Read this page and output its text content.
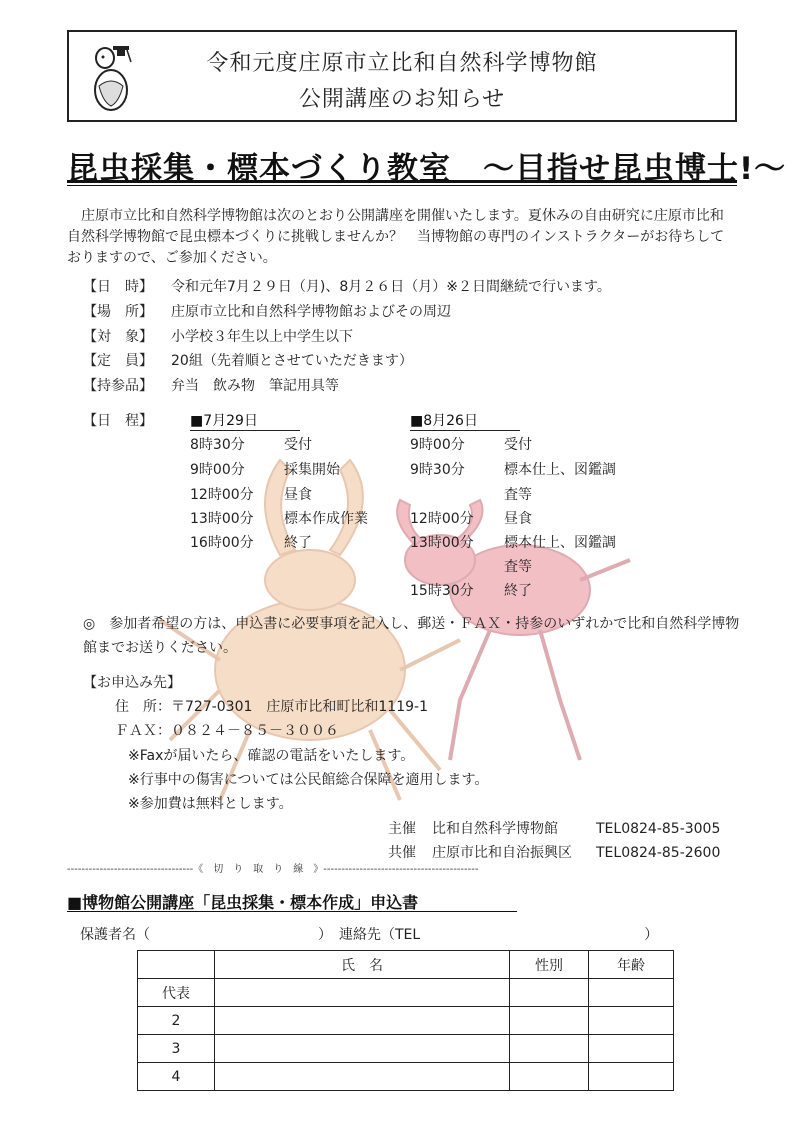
令和元度庄原市立比和自然科学博物館
公開講座のお知らせ
昆虫採集・標本づくり教室　～目指せ昆虫博士!～
庄原市立比和自然科学博物館は次のとおり公開講座を開催いたします。夏休みの自由研究に庄原市比和自然科学博物館で昆虫標本づくりに挑戦しませんか？　当博物館の専門のインストラクターがお待ちしておりますので、ご参加ください。
【日　時】 令和元年7月２９日（月)、8月２６日（月）※２日間継続で行います。
【場　所】 庄原市立比和自然科学博物館およびその周辺
【対　象】 小学校３年生以上中学生以下
【定　員】 20組（先着順とさせていただきます）
【持参品】 弁当　飲み物　筆記用具等
【日　程】	■7月29日　
8時30分	受付
9時00分	採集開始
12時00分 昼食
13時00分 標本作成作業
16時00分 終了
■8月26日　
9時00分	受付
9時30分	標本仕上、図鑑調
査等
12時00分 昼食
13時00分 標本仕上、図鑑調
査等
15時30分 終了
◎　参加者希望の方は、申込書に必要事項を記入し、郵送・ＦＡＸ・持参のいずれかで比和自然科学博物館までお送りください。
【お申込み先】
住　所：〒727-0301　庄原市比和町比和1119-1
ＦＡＸ：０８２４－８５－３００６
※Faxが届いたら、確認の電話をいたします。
※行事中の傷害については公民館総合保障を適用します。
※参加費は無料とします。
主催 比和自然科学博物館	TEL0824-85-3005
共催 庄原市比和自治振興区 TEL0824-85-2600
-----------------------------------《　切　り　取　り　線　》-------------------------------------------
■博物館公開講座「昆虫採集・標本作成」申込書
保護者名（　　　　　　　　　　　　）　連絡先（TEL　　　　　　　　　　　　　　　　）
	氏　名	性別	年齢
代表			
2			
3			
4			
